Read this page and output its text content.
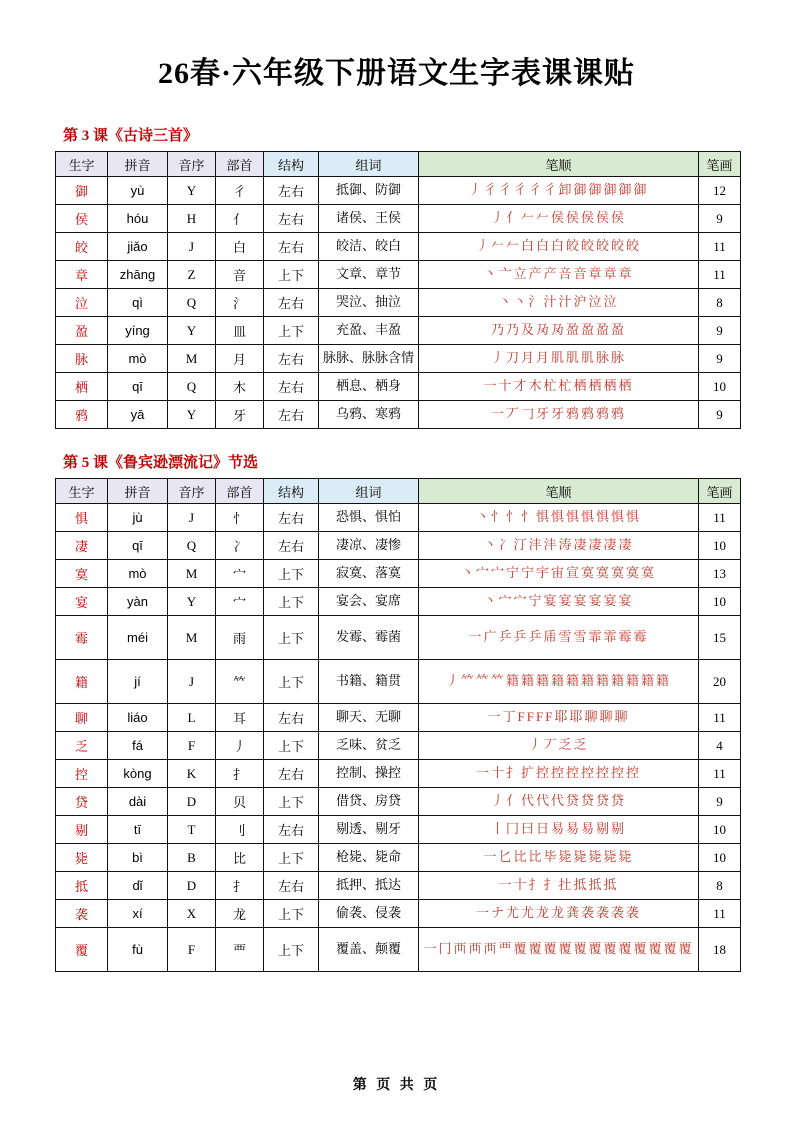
26春·六年级下册语文生字表课课贴
第 3 课《古诗三首》
生字	拼音	音序	部首	结构	组词	笔顺	笔画
御	yù	Y	彳	左右	抵御、防御	丿彳彳彳彳彳卸御御御御御	12
侯	hóu	H	亻	左右	诸侯、王侯	丿亻𠂉𠂉侯侯侯侯侯	9
皎	jiǎo	J	白	左右	皎洁、皎白	丿𠂉𠂉白白白皎皎皎皎皎	11
章	zhāng	Z	音	上下	文章、章节	丶亠立产产咅音章章章	11
泣	qì	Q	氵	左右	哭泣、抽泣	丶丶氵汁汁沪泣泣	8
盈	yíng	Y	皿	上下	充盈、丰盈	乃乃及夃夃盈盈盈盈	9
脉	mò	M	月	左右	脉脉、脉脉含情	丿刀月月肌肌肌脉脉	9
栖	qī	Q	木	左右	栖息、栖身	一十才木杧杧栖栖栖栖	10
鸦	yā	Y	牙	左右	乌鸦、寒鸦	一丆𠃌牙牙鸦鸦鸦鸦	9
第 5 课《鲁宾逊漂流记》节选
生字	拼音	音序	部首	结构	组词	笔顺	笔画
惧	jù	J	忄	左右	恐惧、惧怕	丶忄忄忄惧惧惧惧惧惧惧	11
凄	qī	Q	冫	左右	凄凉、凄惨	丶冫汀沣沣涛凄凄凄凄	10
寞	mò	M	宀	上下	寂寞、落寞	丶宀宀宁宁宇宙宣寞寞寞寞寞	13
宴	yàn	Y	宀	上下	宴会、宴席	丶宀宀宁宴宴宴宴宴宴	10
霉	méi	M	雨	上下	发霉、霉菌	一广乒乒乒乕雪雪霏霏霉霉	15
籍	jí	J	𥫗	上下	书籍、籍贯	丿𥫗𥫗𥫗籍籍籍籍籍籍籍籍籍籍籍	20
聊	liáo	L	耳	左右	聊天、无聊	一丁FFFF耶耶聊聊聊	11
乏	fá	F	丿	上下	乏味、贫乏	丿丆乏乏	4
控	kòng	K	扌	左右	控制、操控	一十扌扩控控控控控控控	11
贷	dài	D	贝	上下	借贷、房贷	丿亻代代代贷贷贷贷	9
剔	tī	T	刂	左右	剔透、剔牙	丨冂曰日易易易剔剔	10
毙	bì	B	比	上下	枪毙、毙命	一匕比比毕毙毙毙毙毙	10
抵	dǐ	D	扌	左右	抵押、抵达	一十扌扌扗抵抵抵	8
袭	xí	X	龙	上下	偷袭、侵袭	一ナ尤尤龙龙龚袭袭袭袭	11
覆	fù	F	覀	上下	覆盖、颠覆	一冂襾襾襾覀覆覆覆覆覆覆覆覆覆覆覆覆	18
第 页 共 页
